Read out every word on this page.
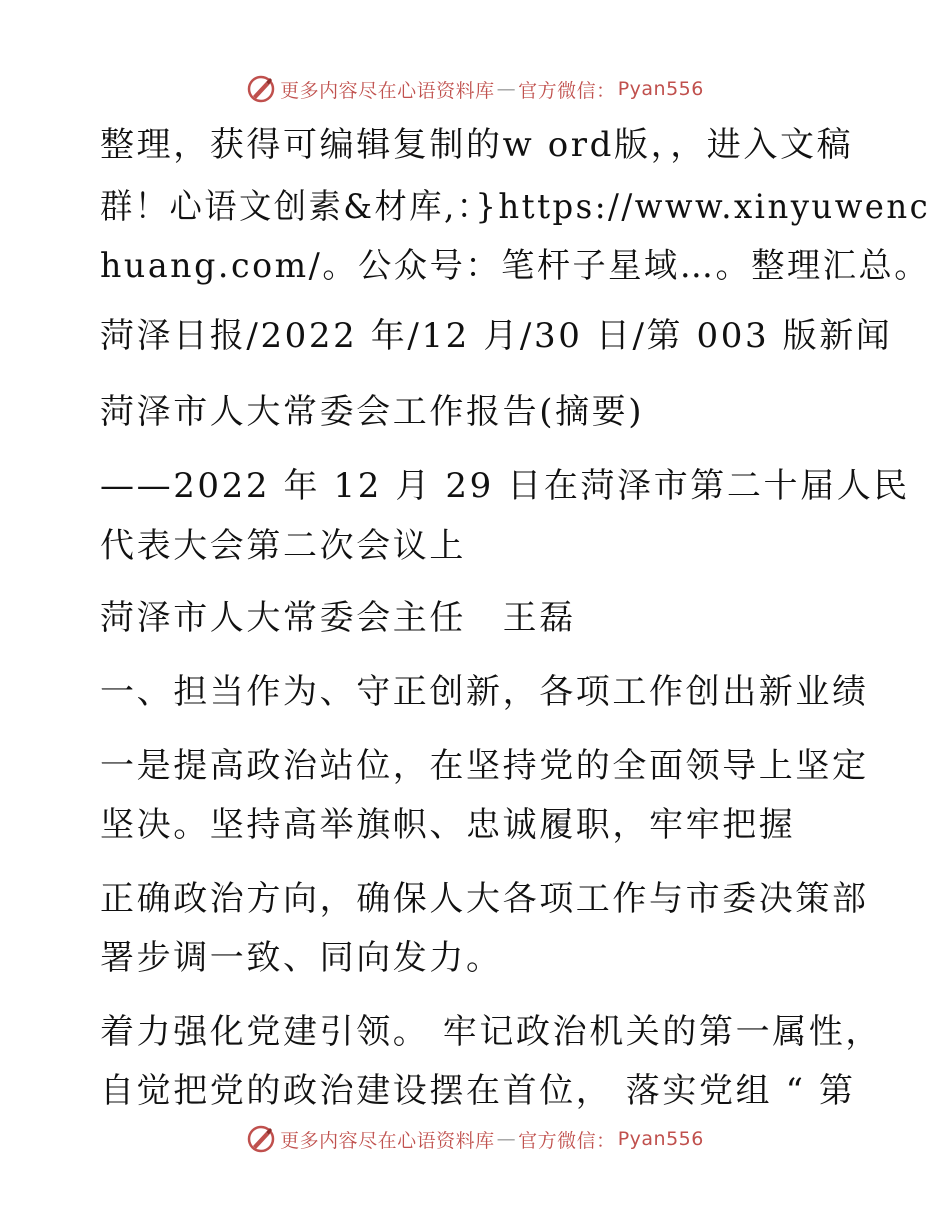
更多内容尽在心语资料库 — 官方微信： Pyan556
整理，获得可编辑复制的w ord版，，进入文稿
群！心语文创素&材库,：}https://www.xinyuwenc
huang.com/。公众号：笔杆子星域…。整理汇总。
菏泽日报/2022 年/12 月/30 日/第 003 版新闻
菏泽市人大常委会工作报告(摘要)
——2022 年 12 月 29 日在菏泽市第二十届人民
代表大会第二次会议上
菏泽市人大常委会主任　王磊
一、担当作为、守正创新，各项工作创出新业绩
一是提高政治站位，在坚持党的全面领导上坚定
坚决。坚持高举旗帜、忠诚履职，牢牢把握
正确政治方向，确保人大各项工作与市委决策部
署步调一致、同向发力。
着力强化党建引领。 牢记政治机关的第一属性，
自觉把党的政治建设摆在首位， 落实党组 “ 第
更多内容尽在心语资料库 — 官方微信： Pyan556
